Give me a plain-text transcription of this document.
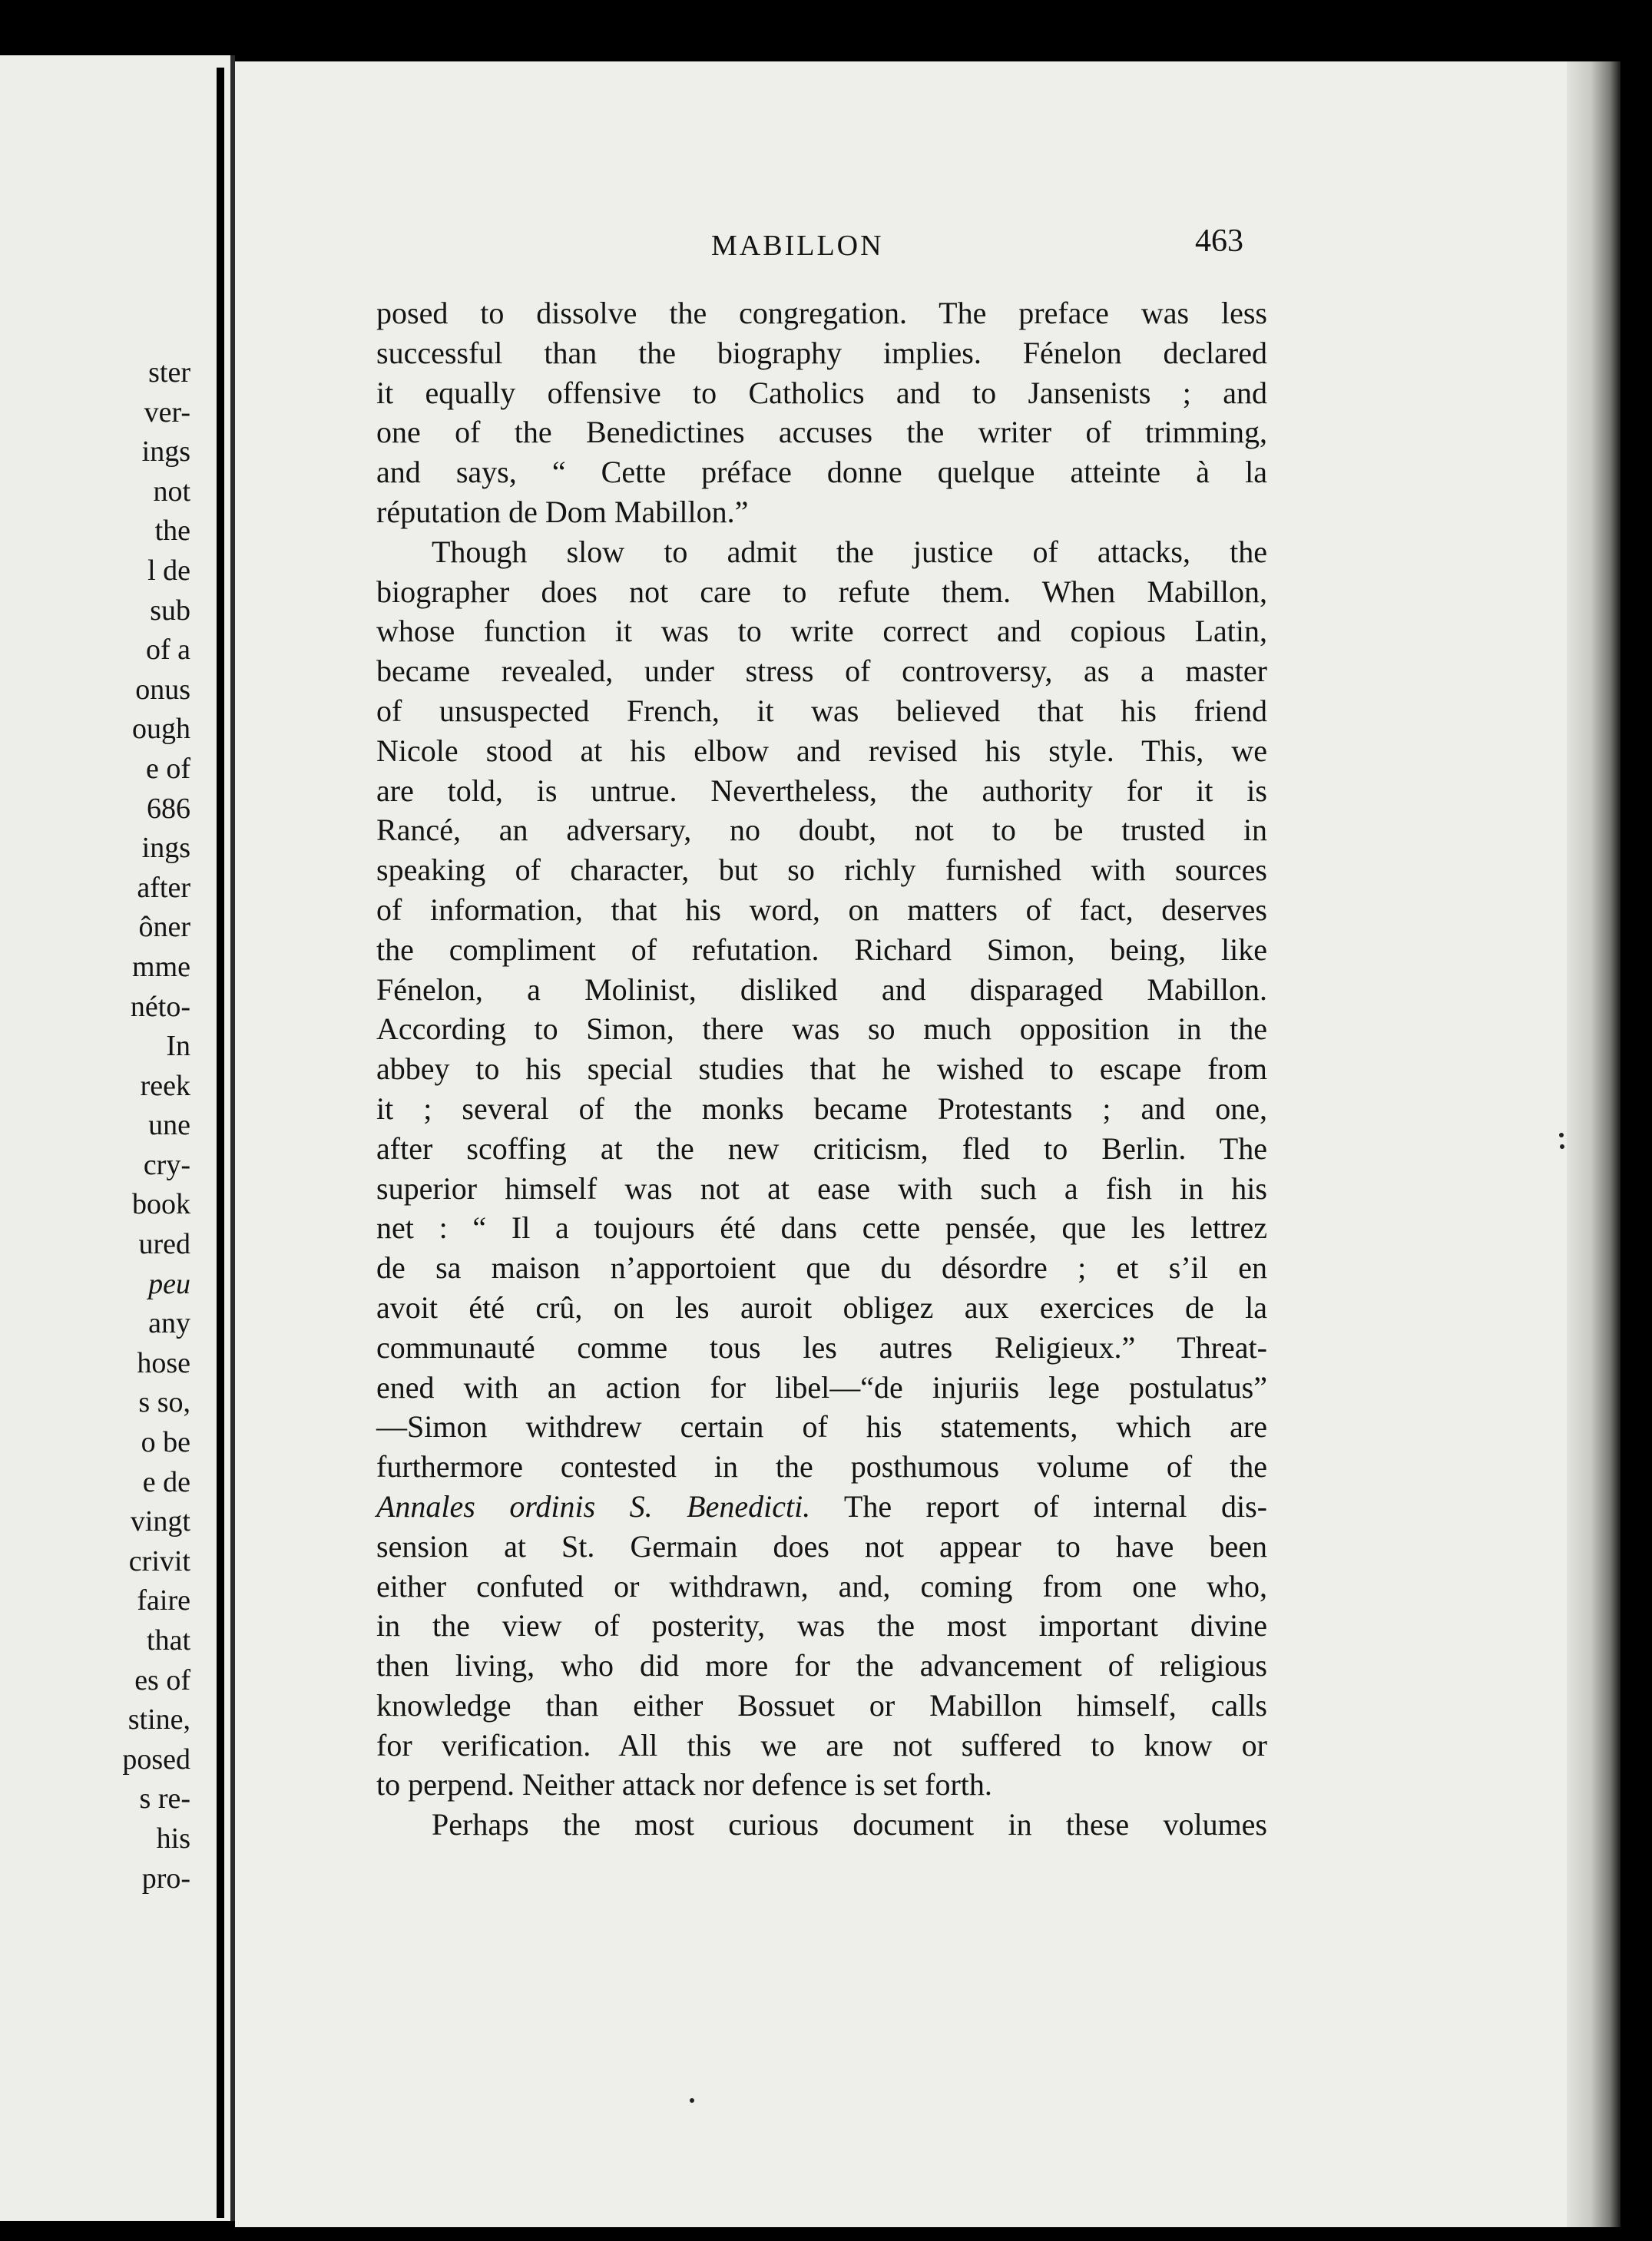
ster
ver-
ings
not
the
l de
sub
of a
onus
ough
e of
686
ings
after
ôner
mme
néto-
In
reek
une
cry-
book
ured
peu
any
hose
s so,
o be
e de
vingt
crivit
faire
that
es of
stine,
posed
s re-
his
pro-
MABILLON	463
posed to dissolve the congregation. The preface was less
successful than the biography implies. Fénelon declared
it equally offensive to Catholics and to Jansenists ; and
one of the Benedictines accuses the writer of trimming,
and says, “ Cette préface donne quelque atteinte à la
réputation de Dom Mabillon.”
Though slow to admit the justice of attacks, the
biographer does not care to refute them. When Mabillon,
whose function it was to write correct and copious Latin,
became revealed, under stress of controversy, as a master
of unsuspected French, it was believed that his friend
Nicole stood at his elbow and revised his style. This, we
are told, is untrue. Nevertheless, the authority for it is
Rancé, an adversary, no doubt, not to be trusted in
speaking of character, but so richly furnished with sources
of information, that his word, on matters of fact, deserves
the compliment of refutation. Richard Simon, being, like
Fénelon, a Molinist, disliked and disparaged Mabillon.
According to Simon, there was so much opposition in the
abbey to his special studies that he wished to escape from
it ; several of the monks became Protestants ; and one,
after scoffing at the new criticism, fled to Berlin. The
superior himself was not at ease with such a fish in his
net : “ Il a toujours été dans cette pensée, que les lettrez
de sa maison n’apportoient que du désordre ; et s’il en
avoit été crû, on les auroit obligez aux exercices de la
communauté comme tous les autres Religieux.” Threat-
ened with an action for libel—“de injuriis lege postulatus”
—Simon withdrew certain of his statements, which are
furthermore contested in the posthumous volume of the
Annales ordinis S. Benedicti. The report of internal dis-
sension at St. Germain does not appear to have been
either confuted or withdrawn, and, coming from one who,
in the view of posterity, was the most important divine
then living, who did more for the advancement of religious
knowledge than either Bossuet or Mabillon himself, calls
for verification. All this we are not suffered to know or
to perpend. Neither attack nor defence is set forth.
Perhaps the most curious document in these volumes
